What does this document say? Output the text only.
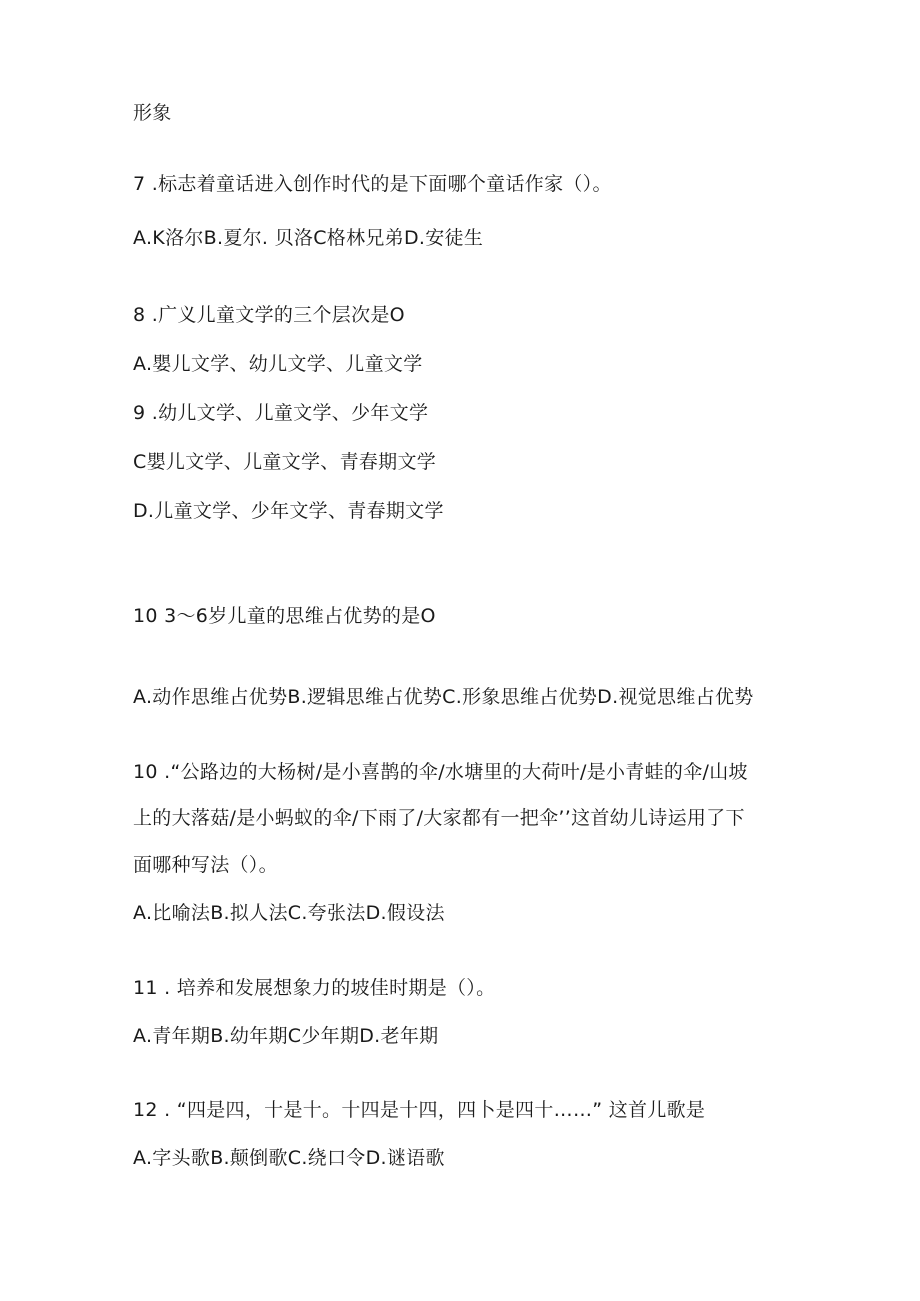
形象
7 .标志着童话进入创作时代的是下面哪个童话作家（）。
A.K洛尔B.夏尔. 贝洛C格林兄弟D.安徒生
8 .广义儿童文学的三个层次是O
A.嬰儿文学、幼儿文学、儿童文学
9 .幼儿文学、儿童文学、少年文学
C嬰儿文学、儿童文学、青春期文学
D.儿童文学、少年文学、青春期文学
10 3～6岁儿童的思维占优势的是O
A.动作思维占优势B.逻辑思维占优势C.形象思维占优势D.视觉思维占优势
10 .“公路边的大杨树/是小喜鹊的伞/水塘里的大荷叶/是小青蛙的伞/山坡
上的大落菇/是小蚂蚁的伞/下雨了/大家都有一把伞’’这首幼儿诗运用了下
面哪种写法（）。
A.比喻法B.拟人法C.夸张法D.假设法
11 . 培养和发展想象力的坡佳时期是（）。
A.青年期B.幼年期C少年期D.老年期
12 . “四是四，十是十。十四是十四，四卜是四十……” 这首儿歌是
A.字头歌B.颠倒歌C.绕口令D.谜语歌
